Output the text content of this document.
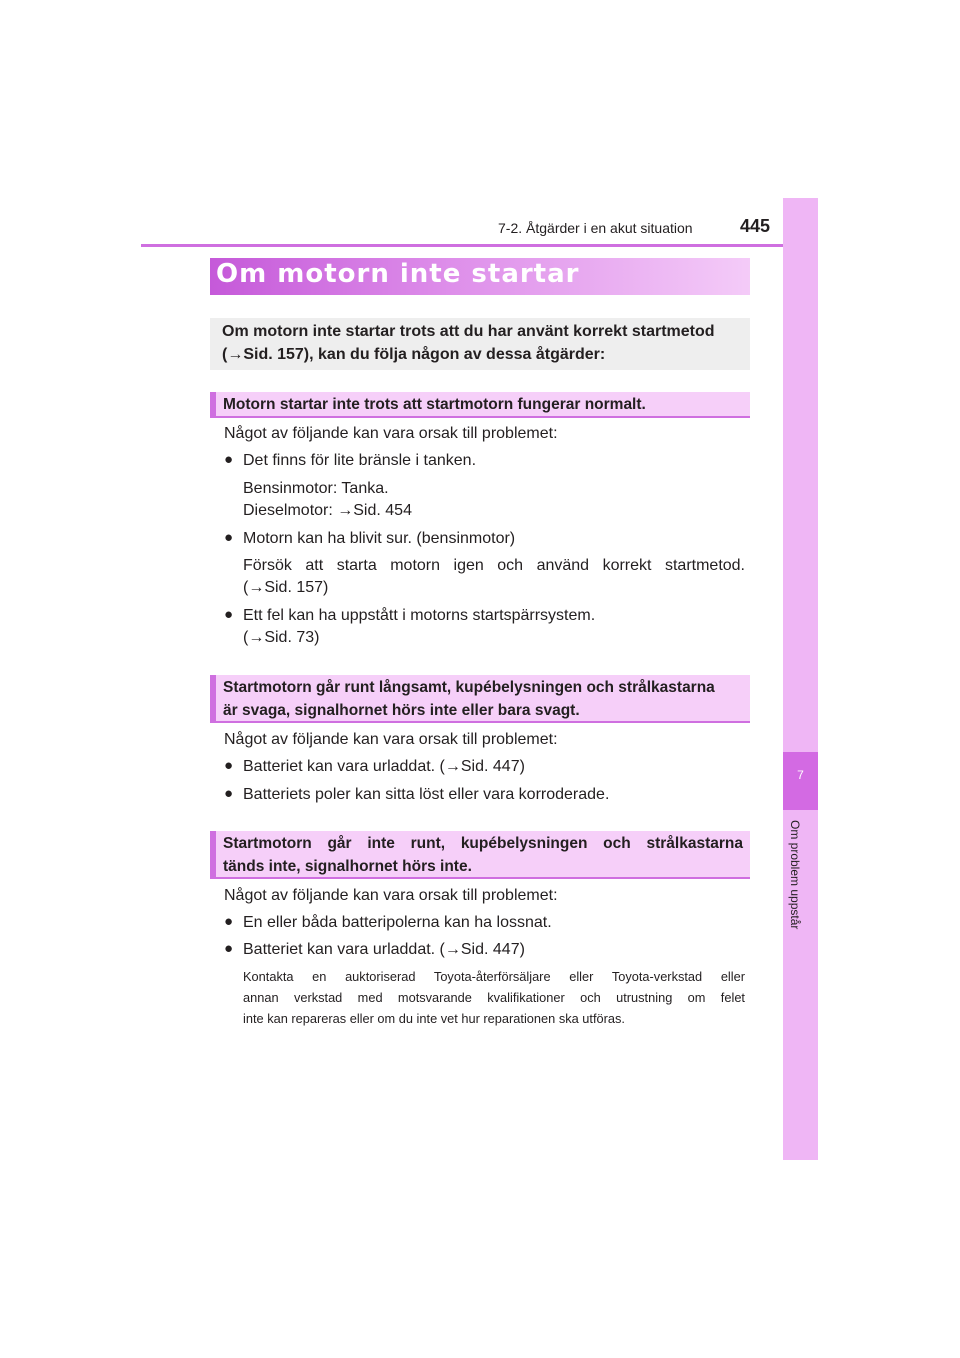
7-2. Åtgärder i en akut situation	445
7
Om problem uppstår
Om motorn inte startar
Om motorn inte startar trots att du har använt korrekt startmetod
(→Sid. 157), kan du följa någon av dessa åtgärder:
Motorn startar inte trots att startmotorn fungerar normalt.
Något av följande kan vara orsak till problemet:
● Det finns för lite bränsle i tanken.
Bensinmotor: Tanka.
Dieselmotor: →Sid. 454
● Motorn kan ha blivit sur. (bensinmotor)
Försök att starta motorn igen och använd korrekt startmetod.
(→Sid. 157)
● Ett fel kan ha uppstått i motorns startspärrsystem.
(→Sid. 73)
Startmotorn går runt långsamt, kupébelysningen och strålkastarna
är svaga, signalhornet hörs inte eller bara svagt.
Något av följande kan vara orsak till problemet:
● Batteriet kan vara urladdat. (→Sid. 447)
● Batteriets poler kan sitta löst eller vara korroderade.
Startmotorn går inte runt, kupébelysningen och strålkastarna
tänds inte, signalhornet hörs inte.
Något av följande kan vara orsak till problemet:
● En eller båda batteripolerna kan ha lossnat.
● Batteriet kan vara urladdat. (→Sid. 447)
Kontakta en auktoriserad Toyota-återförsäljare eller Toyota-verkstad eller
annan verkstad med motsvarande kvalifikationer och utrustning om felet
inte kan repareras eller om du inte vet hur reparationen ska utföras.
